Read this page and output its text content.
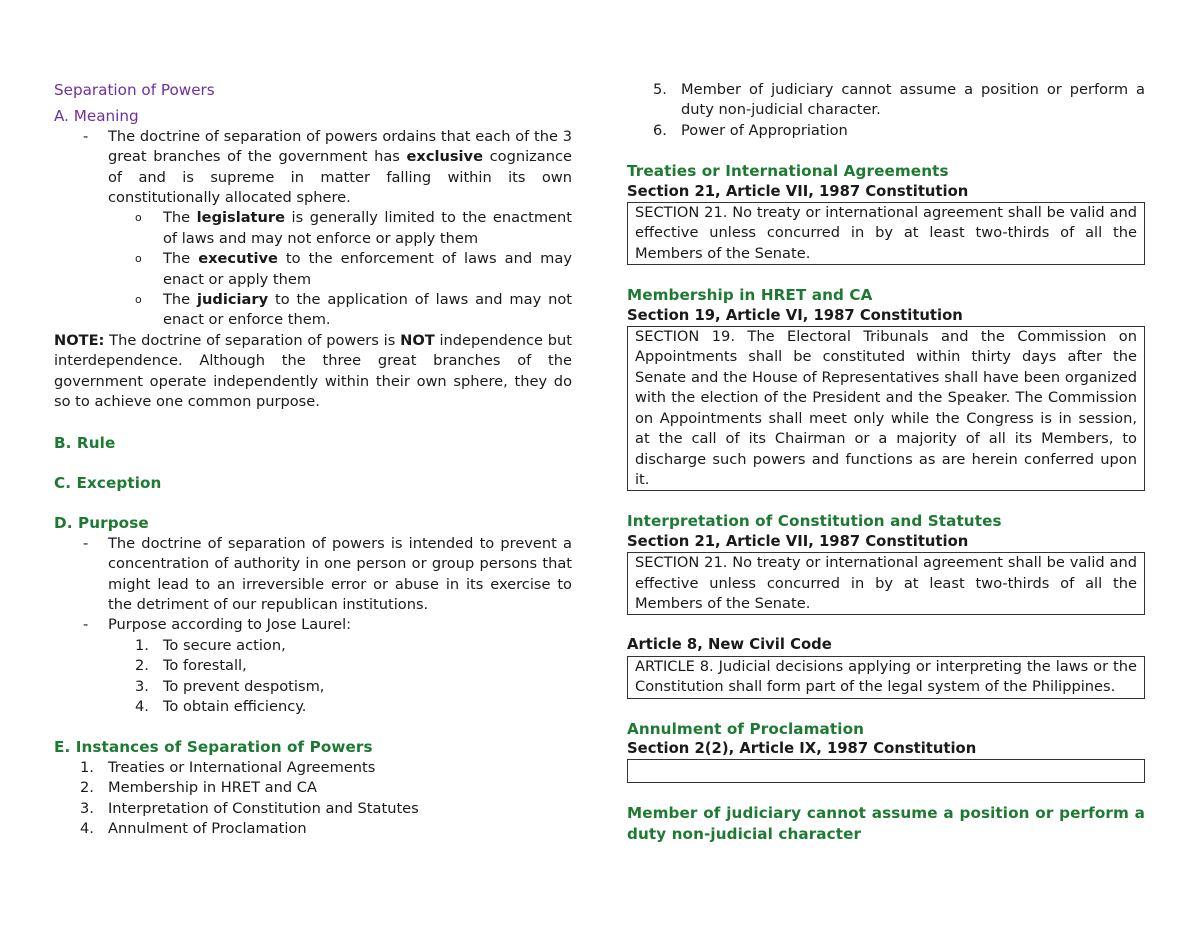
Separation of Powers

A. Meaning

- The doctrine of separation of powers ordains that each of the 3 great branches of the government has exclusive cognizance of and is supreme in matter falling within its own constitutionally allocated sphere.
o The legislature is generally limited to the enactment of laws and may not enforce or apply them
o The executive to the enforcement of laws and may enact or apply them
o The judiciary to the application of laws and may not enact or enforce them.

NOTE: The doctrine of separation of powers is NOT independence but interdependence. Although the three great branches of the government operate independently within their own sphere, they do so to achieve one common purpose.

B. Rule

C. Exception

D. Purpose

- The doctrine of separation of powers is intended to prevent a concentration of authority in one person or group persons that might lead to an irreversible error or abuse in its exercise to the detriment of our republican institutions.
- Purpose according to Jose Laurel:
1. To secure action,
2. To forestall,
3. To prevent despotism,
4. To obtain efficiency.

E. Instances of Separation of Powers

1. Treaties or International Agreements
2. Membership in HRET and CA
3. Interpretation of Constitution and Statutes
4. Annulment of Proclamation
5. Member of judiciary cannot assume a position or perform a duty non-judicial character.
6. Power of Appropriation

Treaties or International Agreements

Section 21, Article VII, 1987 Constitution

SECTION 21. No treaty or international agreement shall be valid and effective unless concurred in by at least two-thirds of all the Members of the Senate.

Membership in HRET and CA

Section 19, Article VI, 1987 Constitution

SECTION 19. The Electoral Tribunals and the Commission on Appointments shall be constituted within thirty days after the Senate and the House of Representatives shall have been organized with the election of the President and the Speaker. The Commission on Appointments shall meet only while the Congress is in session, at the call of its Chairman or a majority of all its Members, to discharge such powers and functions as are herein conferred upon it.

Interpretation of Constitution and Statutes

Section 21, Article VII, 1987 Constitution

SECTION 21. No treaty or international agreement shall be valid and effective unless concurred in by at least two-thirds of all the Members of the Senate.

Article 8, New Civil Code

ARTICLE 8. Judicial decisions applying or interpreting the laws or the Constitution shall form part of the legal system of the Philippines.

Annulment of Proclamation

Section 2(2), Article IX, 1987 Constitution

Member of judiciary cannot assume a position or perform a duty non-judicial character
